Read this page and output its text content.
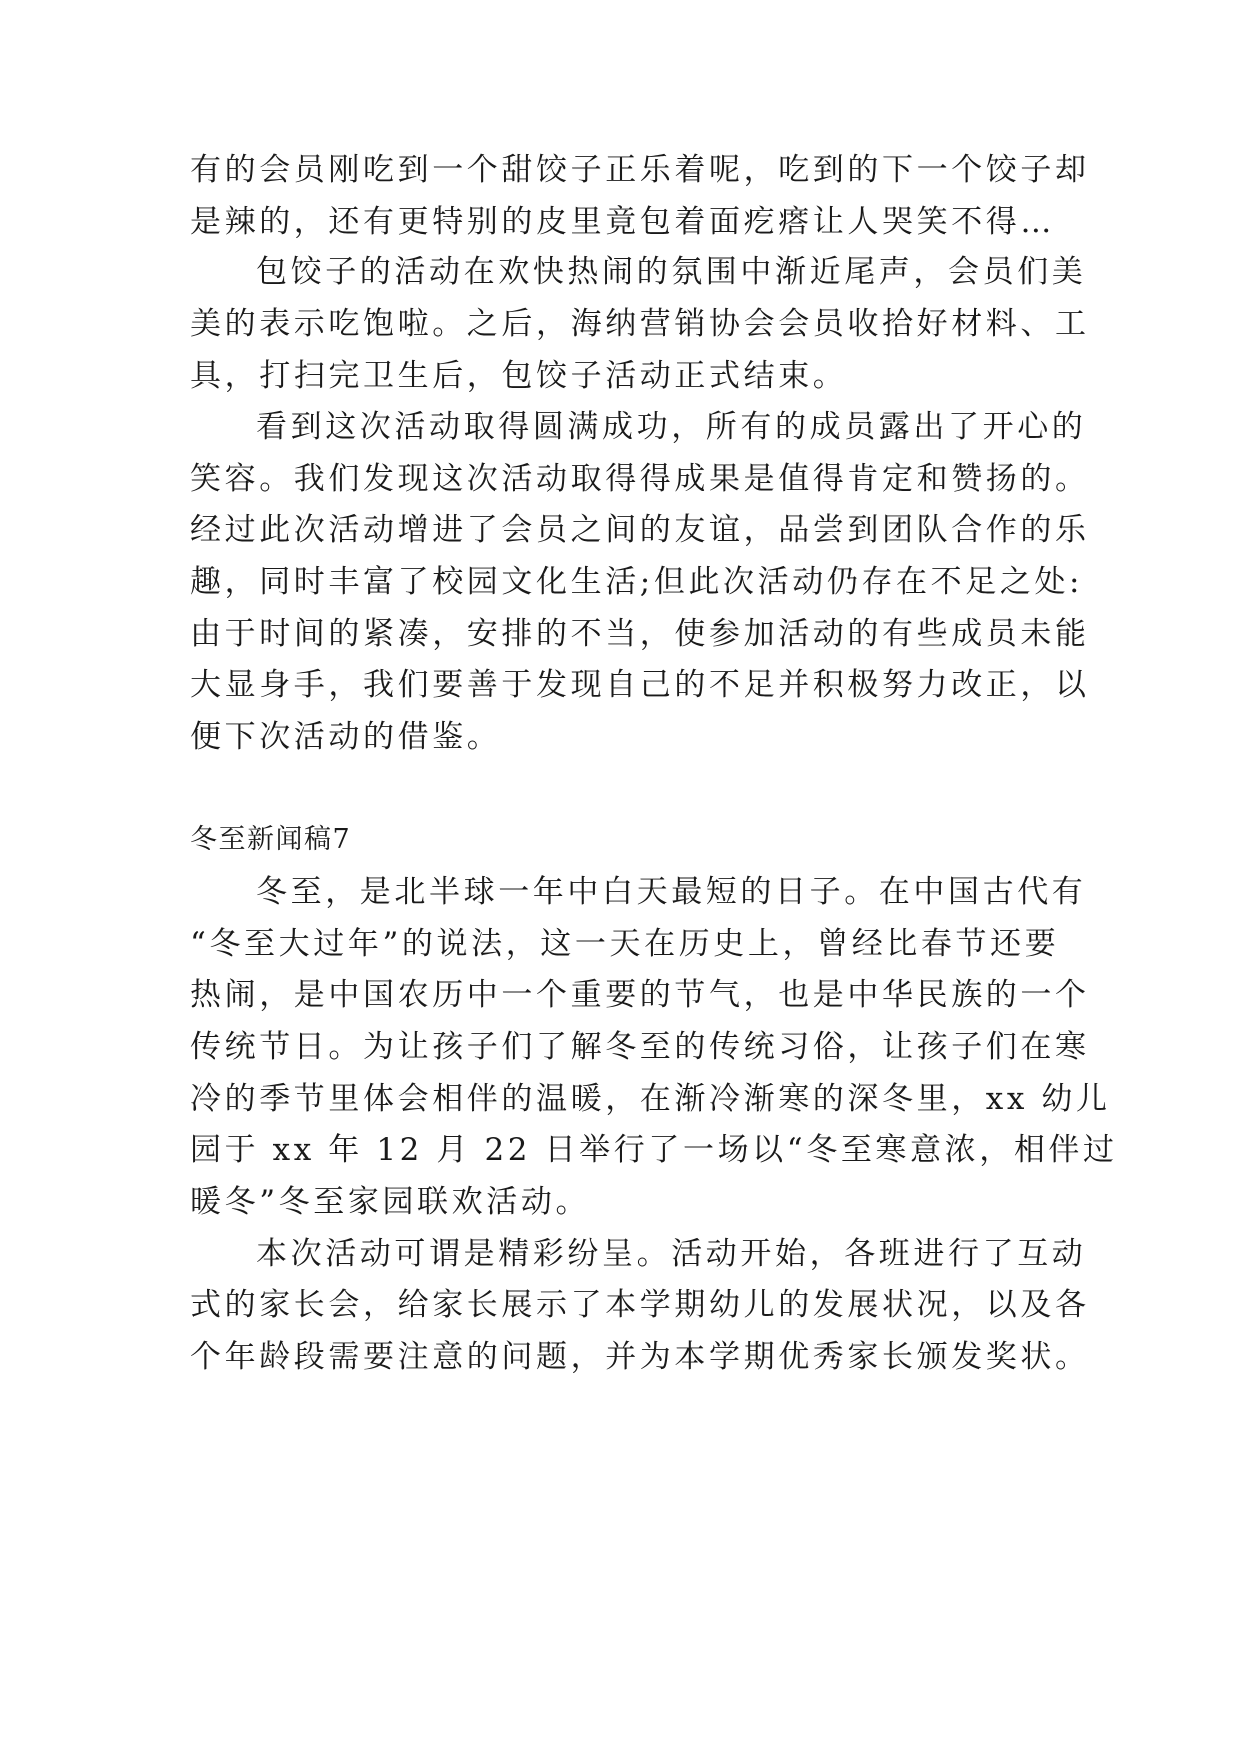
有的会员刚吃到一个甜饺子正乐着呢，吃到的下一个饺子却
是辣的，还有更特别的皮里竟包着面疙瘩让人哭笑不得…
包饺子的活动在欢快热闹的氛围中渐近尾声，会员们美
美的表示吃饱啦。之后，海纳营销协会会员收拾好材料、工
具，打扫完卫生后，包饺子活动正式结束。
看到这次活动取得圆满成功，所有的成员露出了开心的
笑容。我们发现这次活动取得得成果是值得肯定和赞扬的。
经过此次活动增进了会员之间的友谊，品尝到团队合作的乐
趣，同时丰富了校园文化生活;但此次活动仍存在不足之处:
由于时间的紧凑，安排的不当，使参加活动的有些成员未能
大显身手，我们要善于发现自己的不足并积极努力改正，以
便下次活动的借鉴。
冬至新闻稿7
冬至，是北半球一年中白天最短的日子。在中国古代有
“冬至大过年”的说法，这一天在历史上，曾经比春节还要
热闹，是中国农历中一个重要的节气，也是中华民族的一个
传统节日。为让孩子们了解冬至的传统习俗，让孩子们在寒
冷的季节里体会相伴的温暖，在渐冷渐寒的深冬里，xx 幼儿
园于 xx 年 12 月 22 日举行了一场以“冬至寒意浓，相伴过
暖冬”冬至家园联欢活动。
本次活动可谓是精彩纷呈。活动开始，各班进行了互动
式的家长会，给家长展示了本学期幼儿的发展状况，以及各
个年龄段需要注意的问题，并为本学期优秀家长颁发奖状。
